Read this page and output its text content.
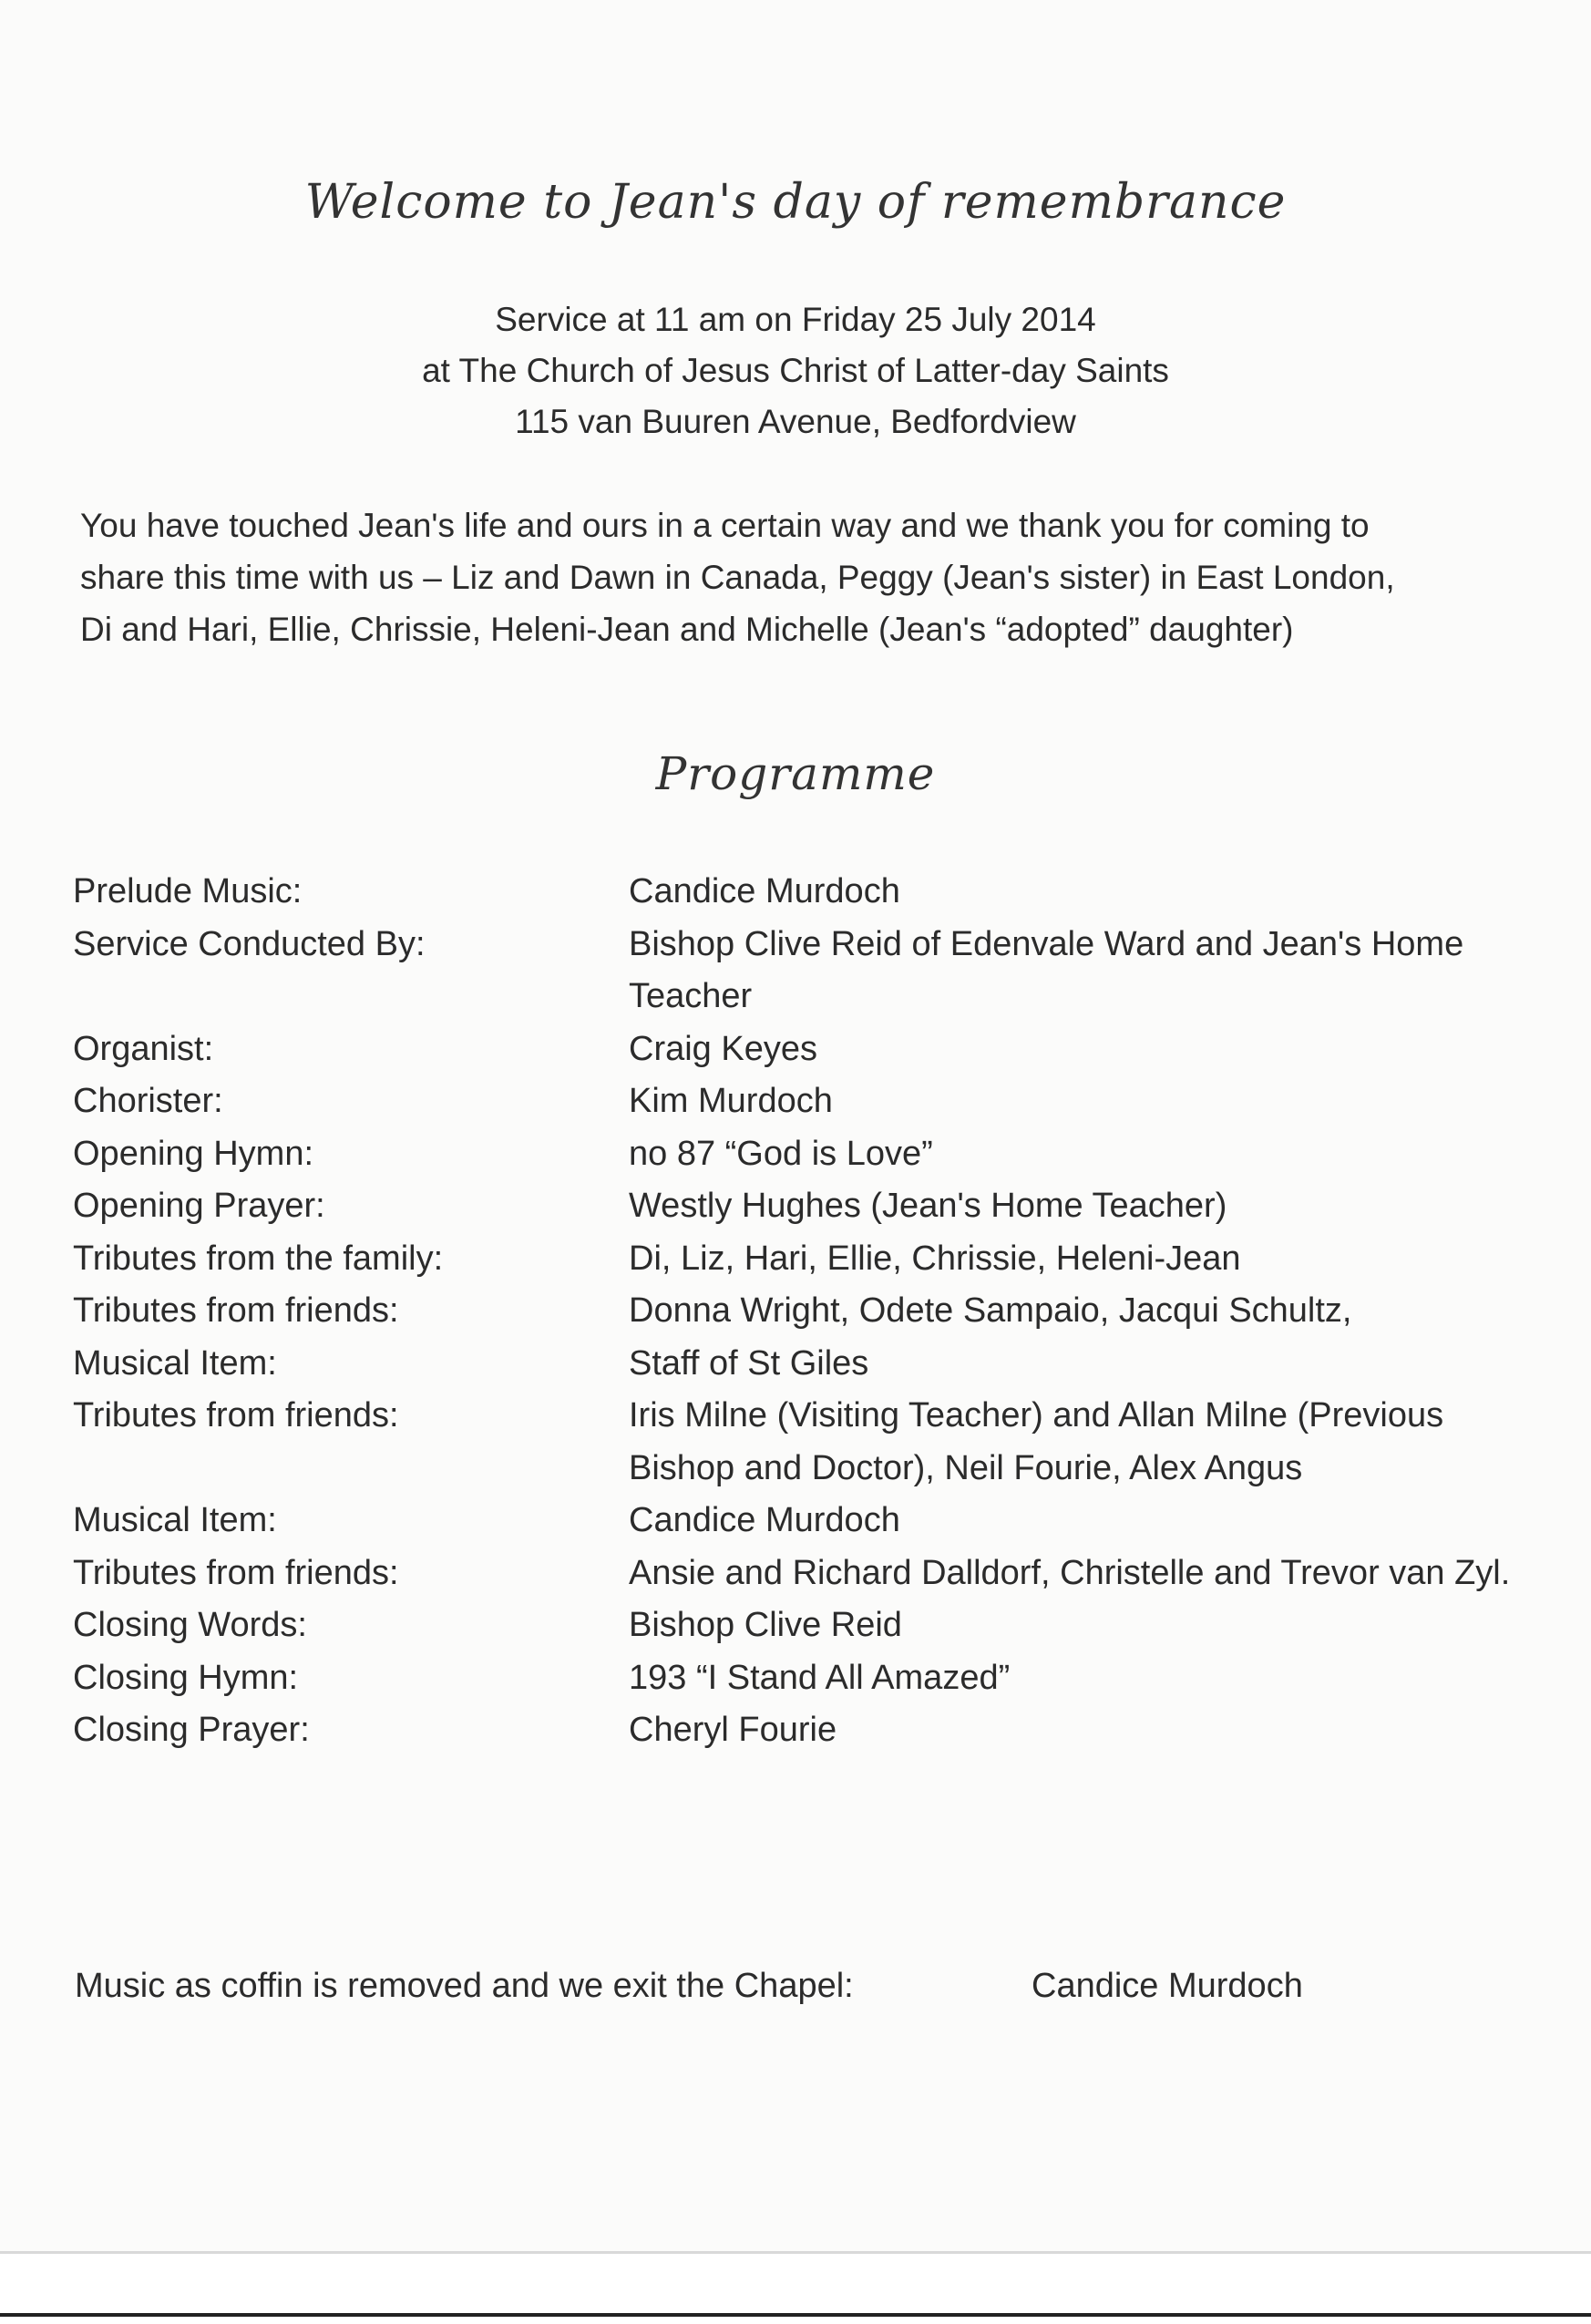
Welcome to Jean's day of remembrance
Service at 11 am on Friday 25 July 2014
at The Church of Jesus Christ of Latter-day Saints
115 van Buuren Avenue, Bedfordview
You have touched Jean's life and ours in a certain way and we thank you for coming to
share this time with us – Liz and Dawn in Canada, Peggy (Jean's sister) in East London,
Di and Hari, Ellie, Chrissie, Heleni-Jean and Michelle (Jean's “adopted” daughter)
Programme
Prelude Music:	Candice Murdoch
Service Conducted By:	Bishop Clive Reid of Edenvale Ward and Jean's Home Teacher
Organist:	Craig Keyes
Chorister:	Kim Murdoch
Opening Hymn:	no 87 “God is Love”
Opening Prayer:	Westly Hughes (Jean's Home Teacher)
Tributes from the family:	Di, Liz, Hari, Ellie, Chrissie, Heleni-Jean
Tributes from friends:	Donna Wright, Odete Sampaio, Jacqui Schultz,
Musical Item:	Staff of St Giles
Tributes from friends:	Iris Milne (Visiting Teacher) and Allan Milne (Previous Bishop and Doctor), Neil Fourie, Alex Angus
Musical Item:	Candice Murdoch
Tributes from friends:	Ansie and Richard Dalldorf, Christelle and Trevor van Zyl.
Closing Words:	Bishop Clive Reid
Closing Hymn:	193 “I Stand All Amazed”
Closing Prayer:	Cheryl Fourie
Music as coffin is removed and we exit the Chapel:	Candice Murdoch
